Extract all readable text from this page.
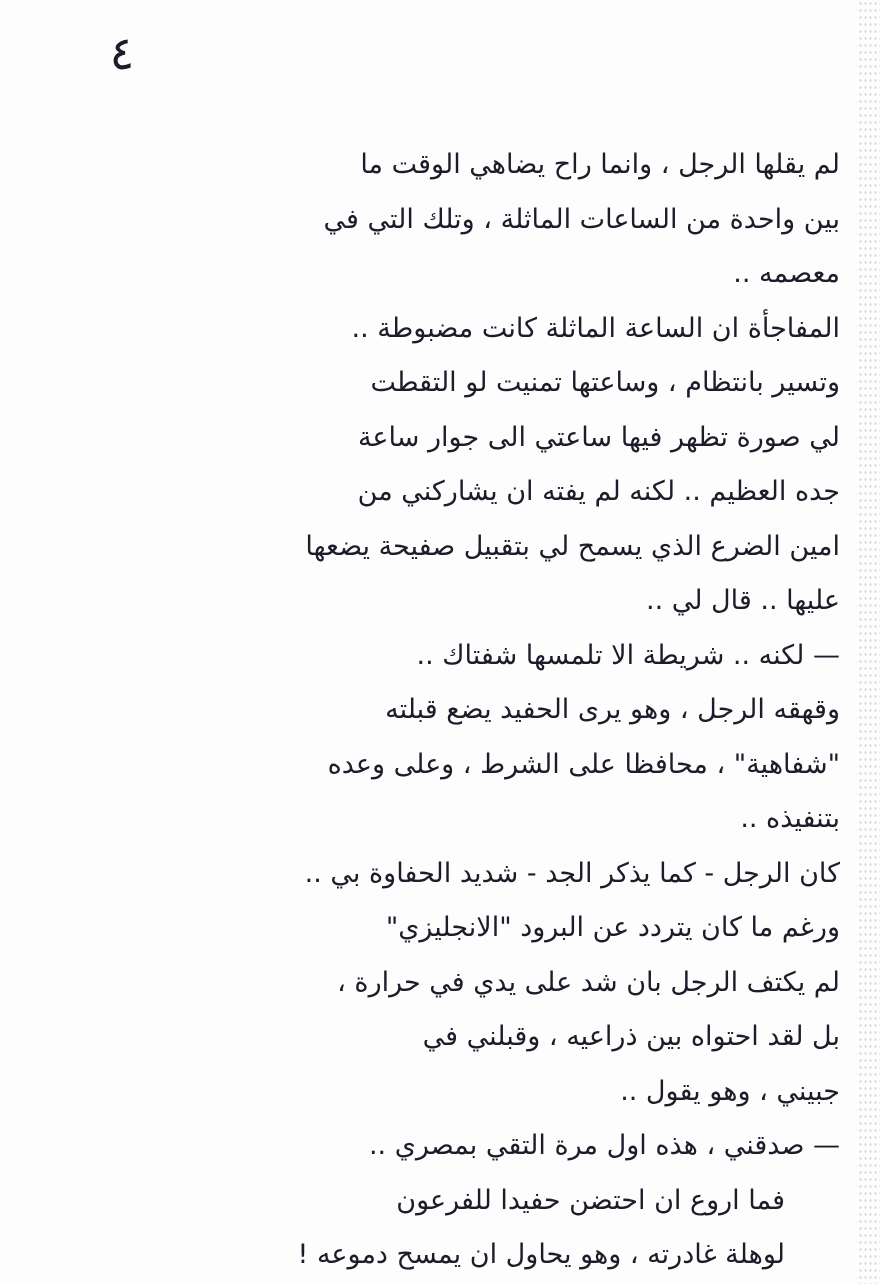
٤
لم يقلها الرجل ، وانما راح يضاهي الوقت ما
بين واحدة من الساعات الماثلة ، وتلك التي في
معصمه ..
المفاجأة ان الساعة الماثلة كانت مضبوطة ..
وتسير بانتظام ، وساعتها تمنيت لو التقطت
لي صورة تظهر فيها ساعتي الى جوار ساعة
جده العظيم .. لكنه لم يفته ان يشاركني من
امين الضرع الذي يسمح لي بتقبيل صفيحة يضعها
عليها .. قال لي ..
— لكنه .. شريطة الا تلمسها شفتاك ..
وقهقه الرجل ، وهو يرى الحفيد يضع قبلته
"شفاهية" ، محافظا على الشرط ، وعلى وعده
بتنفيذه ..
كان الرجل - كما يذكر الجد - شديد الحفاوة بي ..
ورغم ما كان يتردد عن البرود "الانجليزي"
لم يكتف الرجل بان شد على يدي في حرارة ،
بل لقد احتواه بين ذراعيه ، وقبلني في
جبيني ، وهو يقول ..
— صدقني ، هذه اول مرة التقي بمصري ..
فما اروع ان احتضن حفيدا للفرعون
لوهلة غادرته ، وهو يحاول ان يمسح دموعه !
